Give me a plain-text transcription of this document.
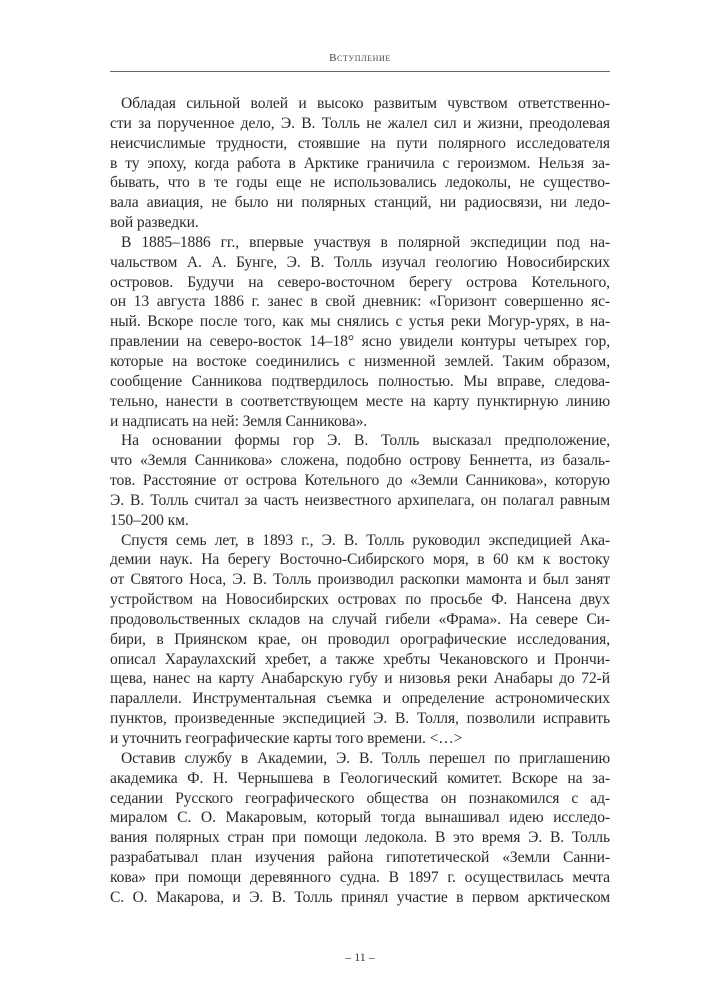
Вступление
Обладая сильной волей и высоко развитым чувством ответственно-
сти за порученное дело, Э. В. Толль не жалел сил и жизни, преодолевая
неисчислимые трудности, стоявшие на пути полярного исследователя
в ту эпоху, когда работа в Арктике граничила с героизмом. Нельзя за-
бывать, что в те годы еще не использовались ледоколы, не существо-
вала авиация, не было ни полярных станций, ни радиосвязи, ни ледо-
вой разведки.
В 1885–1886 гг., впервые участвуя в полярной экспедиции под на-
чальством А. А. Бунге, Э. В. Толль изучал геологию Новосибирских
островов. Будучи на северо-восточном берегу острова Котельного,
он 13 августа 1886 г. занес в свой дневник: «Горизонт совершенно яс-
ный. Вскоре после того, как мы снялись с устья реки Могур-урях, в на-
правлении на северо-восток 14–18° ясно увидели контуры четырех гор,
которые на востоке соединились с низменной землей. Таким образом,
сообщение Санникова подтвердилось полностью. Мы вправе, следова-
тельно, нанести в соответствующем месте на карту пунктирную линию
и надписать на ней: Земля Санникова».
На основании формы гор Э. В. Толль высказал предположение,
что «Земля Санникова» сложена, подобно острову Беннетта, из базаль-
тов. Расстояние от острова Котельного до «Земли Санникова», которую
Э. В. Толль считал за часть неизвестного архипелага, он полагал равным
150–200 км.
Спустя семь лет, в 1893 г., Э. В. Толль руководил экспедицией Ака-
демии наук. На берегу Восточно-Сибирского моря, в 60 км к востоку
от Святого Носа, Э. В. Толль производил раскопки мамонта и был занят
устройством на Новосибирских островах по просьбе Ф. Нансена двух
продовольственных складов на случай гибели «Фрама». На севере Си-
бири, в Приянском крае, он проводил орографические исследования,
описал Хараулахский хребет, а также хребты Чекановского и Прончи-
щева, нанес на карту Анабарскую губу и низовья реки Анабары до 72-й
параллели. Инструментальная съемка и определение астрономических
пунктов, произведенные экспедицией Э. В. Толля, позволили исправить
и уточнить географические карты того времени. <…>
Оставив службу в Академии, Э. В. Толль перешел по приглашению
академика Ф. Н. Чернышева в Геологический комитет. Вскоре на за-
седании Русского географического общества он познакомился с ад-
миралом С. О. Макаровым, который тогда вынашивал идею исследо-
вания полярных стран при помощи ледокола. В это время Э. В. Толль
разрабатывал план изучения района гипотетической «Земли Санни-
кова» при помощи деревянного судна. В 1897 г. осуществилась мечта
С. О. Макарова, и Э. В. Толль принял участие в первом арктическом
– 11 –
